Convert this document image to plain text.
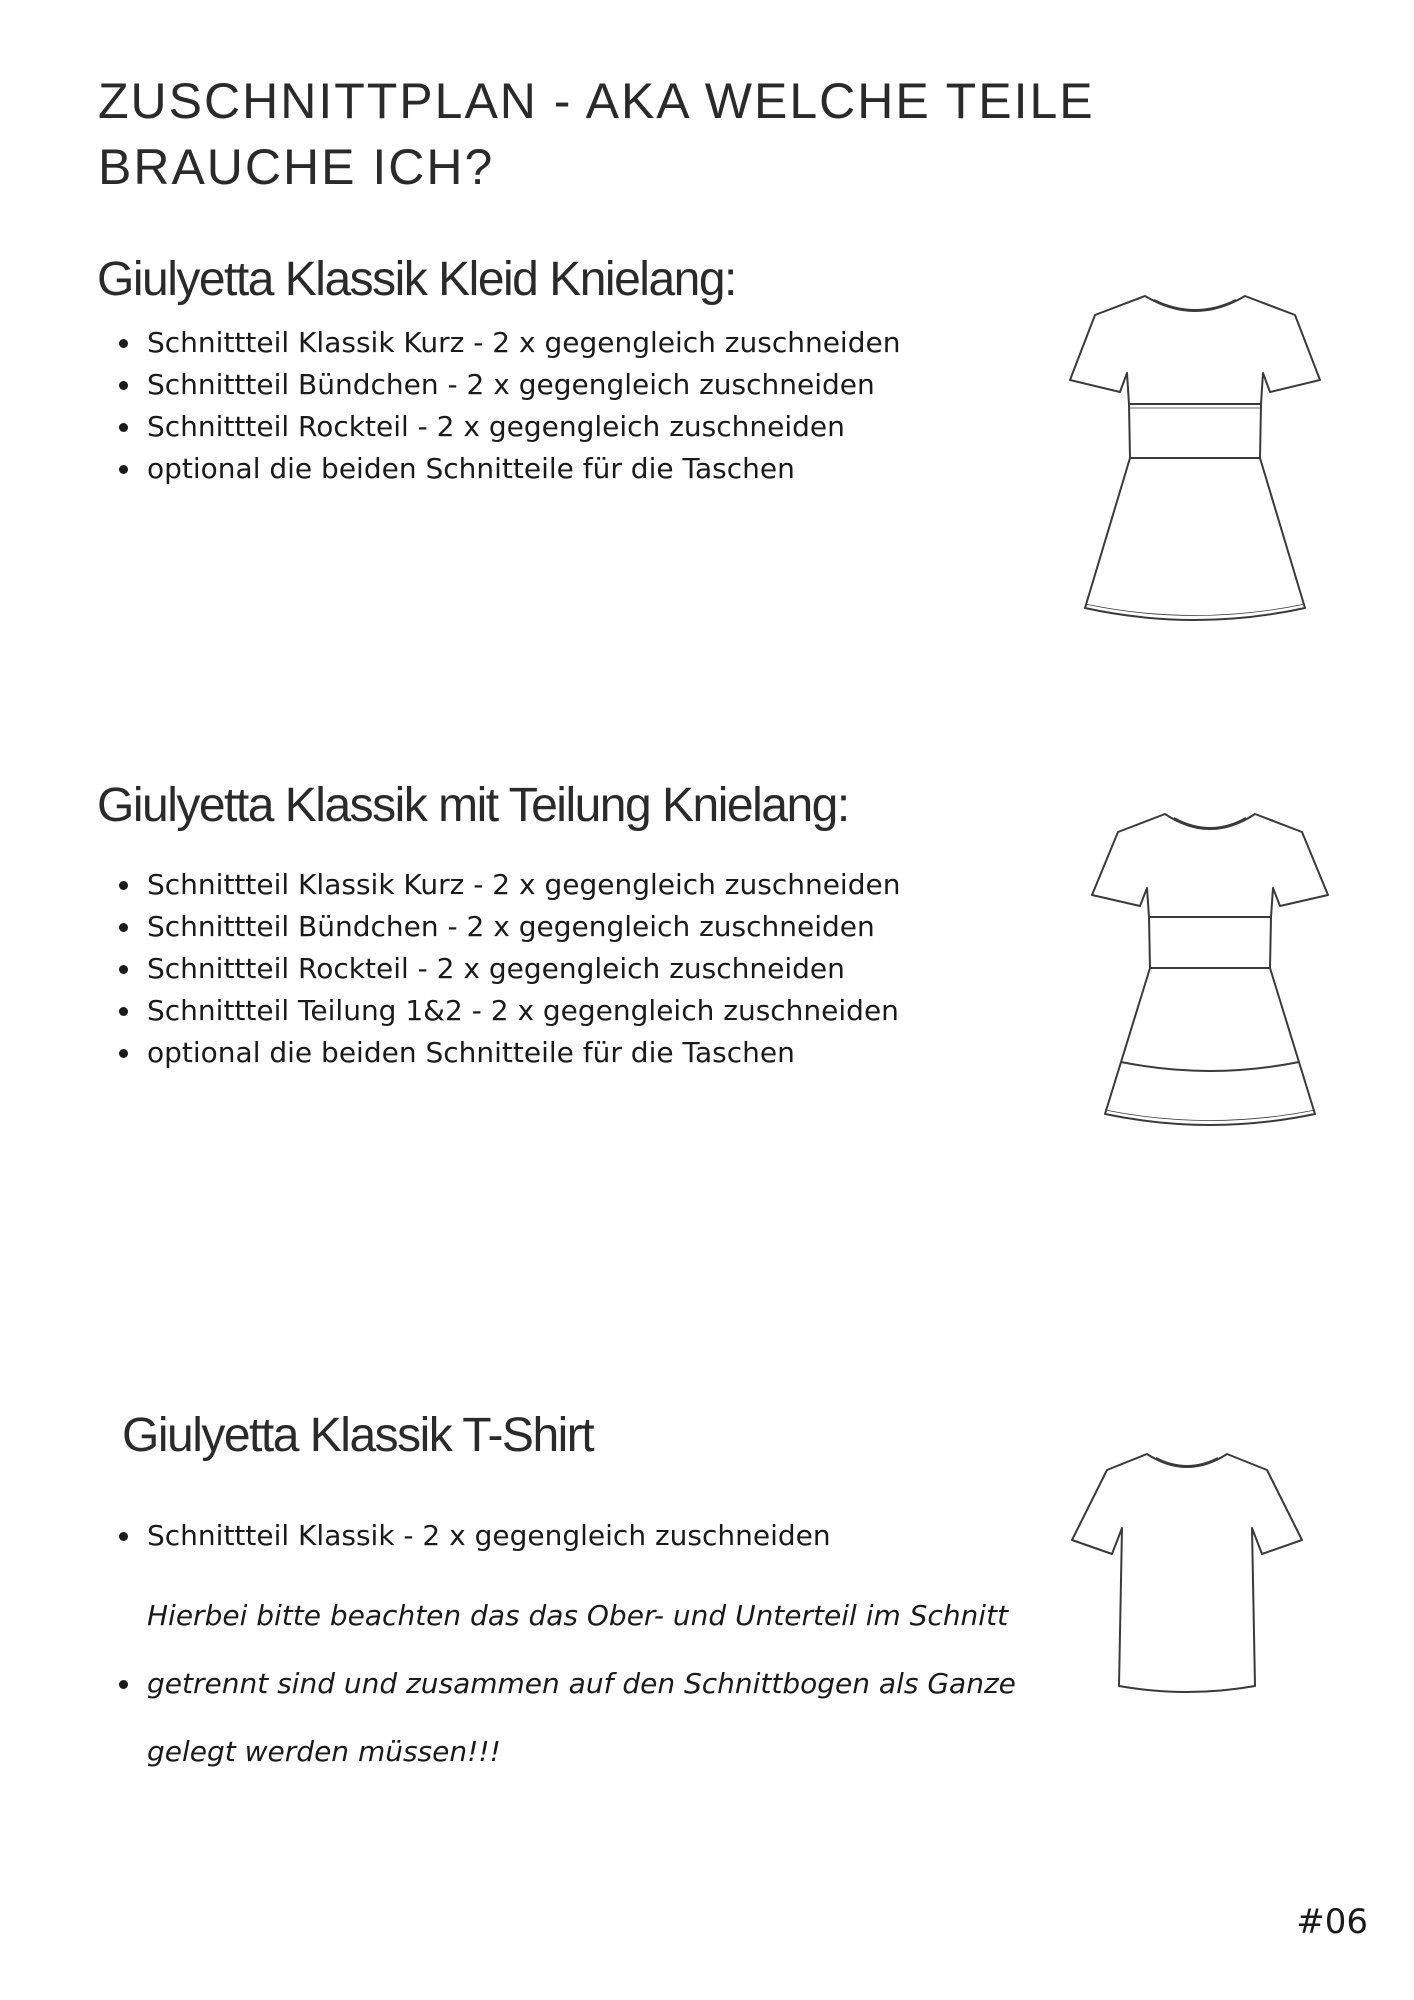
ZUSCHNITTPLAN - AKA WELCHE TEILE BRAUCHE ICH?
Giulyetta Klassik Kleid Knielang:
Schnittteil Klassik Kurz - 2 x gegengleich zuschneiden
Schnittteil Bündchen - 2 x gegengleich zuschneiden
Schnittteil Rockteil - 2 x gegengleich zuschneiden
optional die beiden Schnitteile für die Taschen
Giulyetta Klassik mit Teilung Knielang:
Schnittteil Klassik Kurz - 2 x gegengleich zuschneiden
Schnittteil Bündchen - 2 x gegengleich zuschneiden
Schnittteil Rockteil - 2 x gegengleich zuschneiden
Schnittteil Teilung 1&2 - 2 x gegengleich zuschneiden
optional die beiden Schnitteile für die Taschen
Giulyetta Klassik T-Shirt
Schnittteil Klassik - 2 x gegengleich zuschneiden
Hierbei bitte beachten das das Ober- und Unterteil im Schnitt
getrennt sind und zusammen auf den Schnittbogen als Ganze
gelegt werden müssen!!!
#06
